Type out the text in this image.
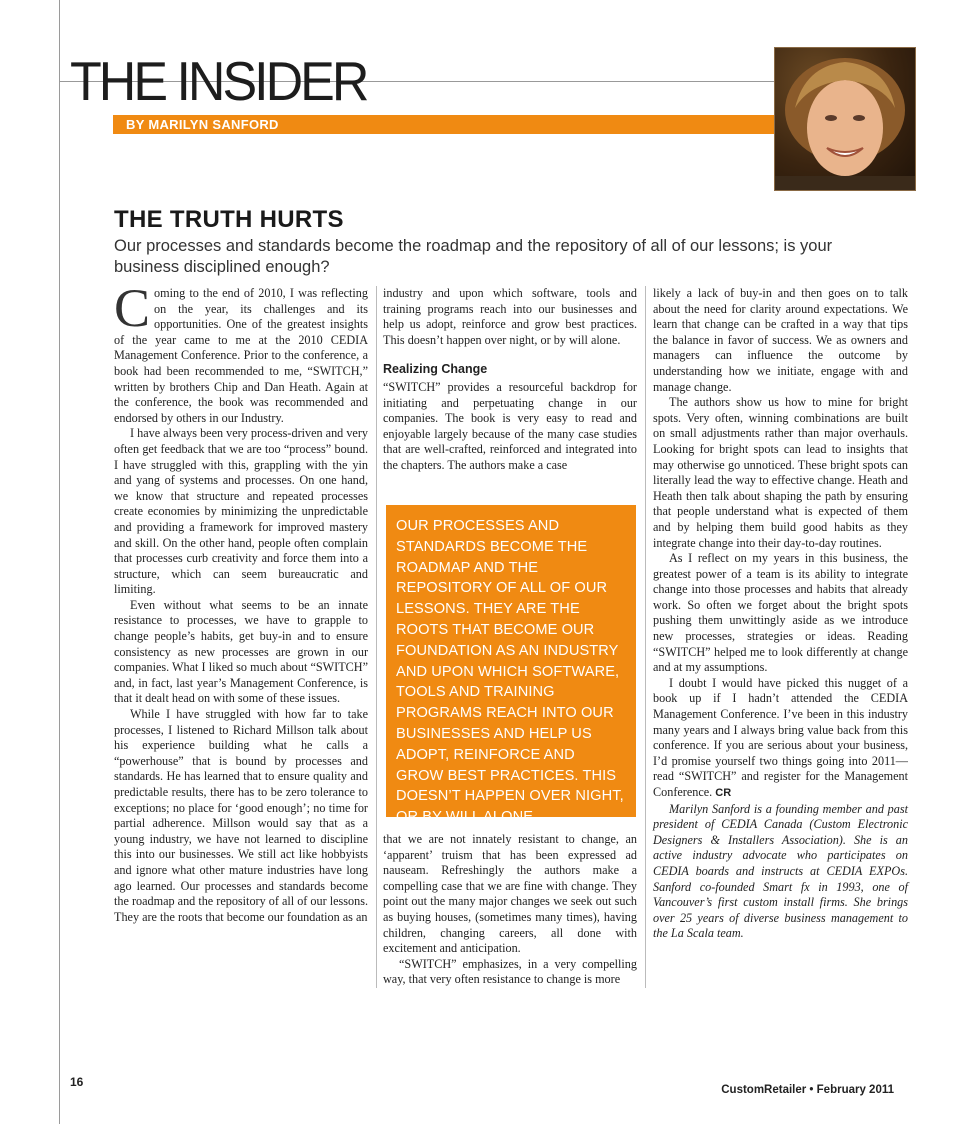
THE INSIDER
BY MARILYN SANFORD
THE TRUTH HURTS
Our processes and standards become the roadmap and the repository of all of our lessons; is your business disciplined enough?

Coming to the end of 2010, I was reflecting on the year, its challenges and its opportunities. One of the greatest insights of the year came to me at the 2010 CEDIA Management Conference. Prior to the conference, a book had been recommended to me, “SWITCH,” written by brothers Chip and Dan Heath. Again at the conference, the book was recommended and endorsed by others in our Industry.

I have always been very process-driven and very often get feedback that we are too “process” bound. I have struggled with this, grappling with the yin and yang of systems and processes. On one hand, we know that structure and repeated processes create economies by minimizing the unpredictable and providing a framework for improved mastery and skill. On the other hand, people often complain that processes curb creativity and force them into a structure, which can seem bureaucratic and limiting.

Even without what seems to be an innate resistance to processes, we have to grapple to change people’s habits, get buy-in and to ensure consistency as new processes are grown in our companies. What I liked so much about “SWITCH” and, in fact, last year’s Management Conference, is that it dealt head on with some of these issues.

While I have struggled with how far to take processes, I listened to Richard Millson talk about his experience building what he calls a “powerhouse” that is bound by processes and standards. He has learned that to ensure quality and predictable results, there has to be zero tolerance to exceptions; no place for ‘good enough’; no time for partial adherence. Millson would say that as a young industry, we have not learned to discipline this into our businesses. We still act like hobbyists and ignore what other mature industries have long ago learned. Our processes and standards become the roadmap and the repository of all of our lessons. They are the roots that become our foundation as an

industry and upon which software, tools and training programs reach into our businesses and help us adopt, reinforce and grow best practices. This doesn’t happen over night, or by will alone.

Realizing Change

“SWITCH” provides a resourceful backdrop for initiating and perpetuating change in our companies. The book is very easy to read and enjoyable largely because of the many case studies that are well-crafted, reinforced and integrated into the chapters. The authors make a case

OUR PROCESSES AND STANDARDS BECOME THE ROADMAP AND THE REPOSITORY OF ALL OF OUR LESSONS. THEY ARE THE ROOTS THAT BECOME OUR FOUNDATION AS AN INDUSTRY AND UPON WHICH SOFTWARE, TOOLS AND TRAINING PROGRAMS REACH INTO OUR BUSINESSES AND HELP US ADOPT, REINFORCE AND GROW BEST PRACTICES. THIS DOESN’T HAPPEN OVER NIGHT, OR BY WILL ALONE.

that we are not innately resistant to change, an ‘apparent’ truism that has been expressed ad nauseam. Refreshingly the authors make a compelling case that we are fine with change. They point out the many major changes we seek out such as buying houses, (sometimes many times), having children, changing careers, all done with excitement and anticipation.

“SWITCH” emphasizes, in a very compelling way, that very often resistance to change is more

likely a lack of buy-in and then goes on to talk about the need for clarity around expectations. We learn that change can be crafted in a way that tips the balance in favor of success. We as owners and managers can influence the outcome by understanding how we initiate, engage with and manage change.

The authors show us how to mine for bright spots. Very often, winning combinations are built on small adjustments rather than major overhauls. Looking for bright spots can lead to insights that may otherwise go unnoticed. These bright spots can literally lead the way to effective change. Heath and Heath then talk about shaping the path by ensuring that people understand what is expected of them and by helping them build good habits as they integrate change into their day-to-day routines.

As I reflect on my years in this business, the greatest power of a team is its ability to integrate change into those processes and habits that already work. So often we forget about the bright spots pushing them unwittingly aside as we introduce new processes, strategies or ideas. Reading “SWITCH” helped me to look differently at change and at my assumptions.

I doubt I would have picked this nugget of a book up if I hadn’t attended the CEDIA Management Conference. I’ve been in this industry many years and I always bring value back from this conference. If you are serious about your business, I’d promise yourself two things going into 2011—read “SWITCH” and register for the Management Conference. CR

Marilyn Sanford is a founding member and past president of CEDIA Canada (Custom Electronic Designers & Installers Association). She is an active industry advocate who participates on CEDIA boards and instructs at CEDIA EXPOs. Sanford co-founded Smart fx in 1993, one of Vancouver’s first custom install firms. She brings over 25 years of diverse business management to the La Scala team.

16
CustomRetailer • February 2011
